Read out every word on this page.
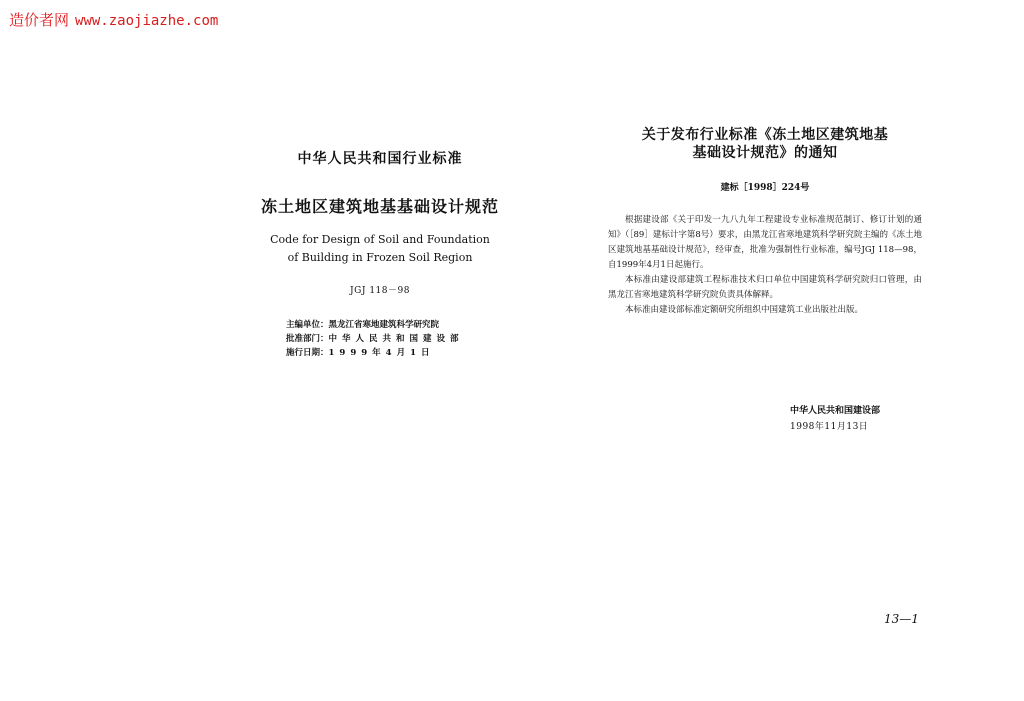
造价者网 www.zaojiazhe.com
中华人民共和国行业标准
冻土地区建筑地基基础设计规范
Code for Design of Soil and Foundation
of Building in Frozen Soil Region
JGJ 118－98
主编单位：黑龙江省寒地建筑科学研究院
批准部门：中华人民共和国建设部
施行日期：1999年4月1日
关于发布行业标准《冻土地区建筑地基
基础设计规范》的通知
建标［1998］224号

根据建设部《关于印发一九八九年工程建设专业标准规范制订、修订计划的通知》（［89］建标计字第8号）要求，由黑龙江省寒地建筑科学研究院主编的《冻土地区建筑地基基础设计规范》，经审查，批准为强制性行业标准，编号JGJ 118—98，自1999年4月1日起施行。

本标准由建设部建筑工程标准技术归口单位中国建筑科学研究院归口管理，由黑龙江省寒地建筑科学研究院负责具体解释。

本标准由建设部标准定额研究所组织中国建筑工业出版社出版。

中华人民共和国建设部
1998年11月13日
13—1
